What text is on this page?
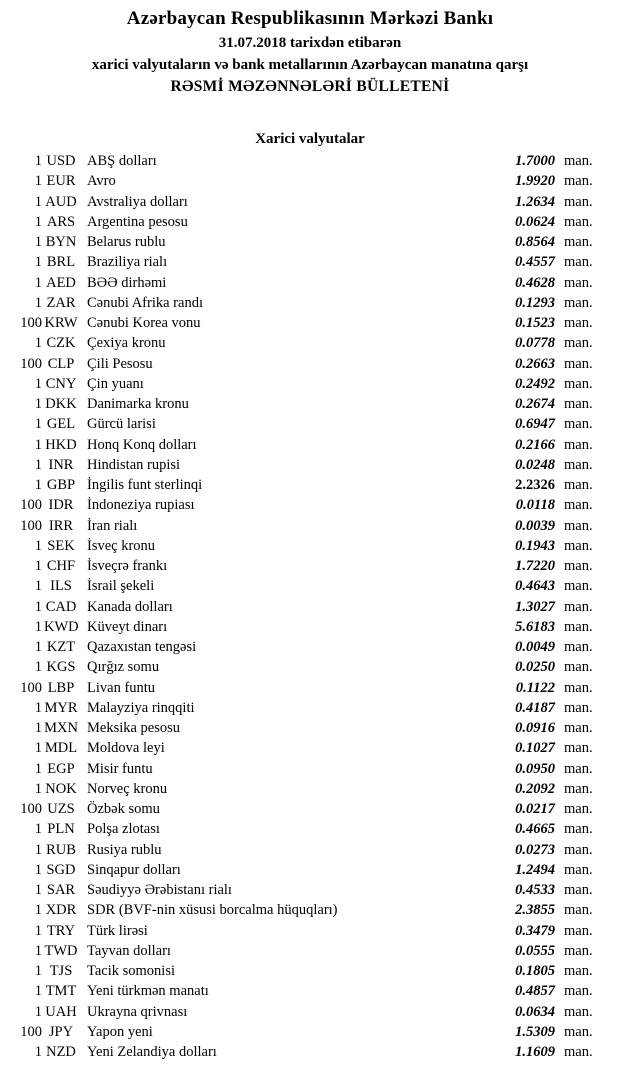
Azərbaycan Respublikasının Mərkəzi Bankı
31.07.2018 tarixdən etibarən
xarici valyutaların və bank metallarının Azərbaycan manatına qarşı
RƏSMİ MƏZƏNNƏLƏRİ BÜLLETENİ
Xarici valyutalar
1 USD ABŞ dolları	1.7000 man.
1 EUR Avro	1.9920 man.
1 AUD Avstraliya dolları	1.2634 man.
1 ARS Argentina pesosu	0.0624 man.
1 BYN Belarus rublu	0.8564 man.
1 BRL Braziliya rialı	0.4557 man.
1 AED BƏƏ dirhəmi	0.4628 man.
1 ZAR Cənubi Afrika randı	0.1293 man.
100 KRW Cənubi Korea vonu	0.1523 man.
1 CZK Çexiya kronu	0.0778 man.
100 CLP Çili Pesosu	0.2663 man.
1 CNY Çin yuanı	0.2492 man.
1 DKK Danimarka kronu	0.2674 man.
1 GEL Gürcü larisi	0.6947 man.
1 HKD Honq Konq dolları	0.2166 man.
1 INR Hindistan rupisi	0.0248 man.
1 GBP İngilis funt sterlinqi	2.2326 man.
100 IDR İndoneziya rupiası	0.0118 man.
100 IRR İran rialı	0.0039 man.
1 SEK İsveç kronu	0.1943 man.
1 CHF İsveçrə frankı	1.7220 man.
1 ILS	İsrail şekeli	0.4643 man.
1 CAD Kanada dolları	1.3027 man.
1 KWD Küveyt dinarı	5.6183 man.
1 KZT Qazaxıstan tengəsi	0.0049 man.
1 KGS Qırğız somu	0.0250 man.
100 LBP Livan funtu	0.1122 man.
1 MYR Malayziya rinqqiti	0.4187 man.
1 MXN Meksika pesosu	0.0916 man.
1 MDL Moldova leyi	0.1027 man.
1 EGP Misir funtu	0.0950 man.
1 NOK Norveç kronu	0.2092 man.
100 UZS Özbək somu	0.0217 man.
1 PLN Polşa zlotası	0.4665 man.
1 RUB Rusiya rublu	0.0273 man.
1 SGD Sinqapur dolları	1.2494 man.
1 SAR Səudiyyə Ərəbistanı rialı	0.4533 man.
1 XDR SDR (BVF-nin xüsusi borcalma hüquqları)	2.3855 man.
1 TRY Türk lirəsi	0.3479 man.
1 TWD Tayvan dolları	0.0555 man.
1 TJS	Tacik somonisi	0.1805 man.
1 TMT Yeni türkmən manatı	0.4857 man.
1 UAH Ukrayna qrivnası	0.0634 man.
100 JPY Yapon yeni	1.5309 man.
1 NZD Yeni Zelandiya dolları	1.1609 man.
